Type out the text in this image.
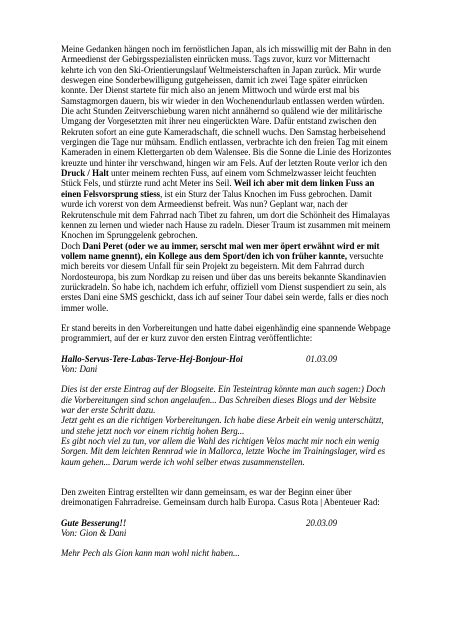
Meine Gedanken hängen noch im fernöstlichen Japan, als ich misswillig mit der Bahn in den Armeedienst der Gebirgsspezialisten einrücken muss. Tags zuvor, kurz vor Mitternacht kehrte ich von den Ski-Orientierungslauf Weltmeisterschaften in Japan zurück. Mir wurde deswegen eine Sonderbewilligung gutgeheissen, damit ich zwei Tage später einrücken konnte. Der Dienst startete für mich also an jenem Mittwoch und würde erst mal bis Samstagmorgen dauern, bis wir wieder in den Wochenendurlaub entlassen werden würden. Die acht Stunden Zeitverschiebung waren nicht annähernd so quälend wie der militärische Umgang der Vorgesetzten mit ihrer neu eingerückten Ware. Dafür entstand zwischen den Rekruten sofort an eine gute Kameradschaft, die schnell wuchs. Den Samstag herbeisehend vergingen die Tage nur mühsam. Endlich entlassen, verbrachte ich den freien Tag mit einem Kameraden in einem Klettergarten ob dem Walensee. Bis die Sonne die Linie des Horizontes kreuzte und hinter ihr verschwand, hingen wir am Fels. Auf der letzten Route verlor ich den Druck / Halt unter meinem rechten Fuss, auf einem vom Schmelzwasser leicht feuchten Stück Fels, und stürzte rund acht Meter ins Seil. Weil ich aber mit dem linken Fuss an einen Felsvorsprung stiess, ist ein Sturz der Talus Knochen im Fuss gebrochen. Damit wurde ich vorerst von dem Armeedienst befreit. Was nun? Geplant war, nach der Rekrutenschule mit dem Fahrrad nach Tibet zu fahren, um dort die Schönheit des Himalayas kennen zu lernen und wieder nach Hause zu radeln. Dieser Traum ist zusammen mit meinem Knochen im Sprunggelenk gebrochen.

Doch Dani Peret (oder we au immer, serscht mal wen mer öpert erwähnt wird er mit vollem name gnennt), ein Kollege aus dem Sport/den ich von früher kannte, versuchte mich bereits vor diesem Unfall für sein Projekt zu begeistern. Mit dem Fahrrad durch Nordosteuropa, bis zum Nordkap zu reisen und über das uns bereits bekannte Skandinavien zurückradeln. So habe ich, nachdem ich erfuhr, offiziell vom Dienst suspendiert zu sein, als erstes Dani eine SMS geschickt, dass ich auf seiner Tour dabei sein werde, falls er dies noch immer wolle.

Er stand bereits in den Vorbereitungen und hatte dabei eigenhändig eine spannende Webpage programmiert, auf der er kurz zuvor den ersten Eintrag veröffentlichte:

Hallo-Servus-Tere-Labas-Terve-Hej-Bonjour-Hoi	01.03.09

Von: Dani

Dies ist der erste Eintrag auf der Blogseite. Ein Testeintrag könnte man auch sagen:) Doch die Vorbereitungen sind schon angelaufen... Das Schreiben dieses Blogs und der Website war der erste Schritt dazu.

Jetzt geht es an die richtigen Vorbereitungen. Ich habe diese Arbeit ein wenig unterschätzt, und stehe jetzt noch vor einem richtig hohen Berg...

Es gibt noch viel zu tun, vor allem die Wahl des richtigen Velos macht mir noch ein wenig Sorgen. Mit dem leichten Rennrad wie in Mallorca, letzte Woche im Trainingslager, wird es kaum gehen... Darum werde ich wohl selber etwas zusammenstellen.

Den zweiten Eintrag erstellten wir dann gemeinsam, es war der Beginn einer über dreimonatigen Fahrradreise. Gemeinsam durch halb Europa. Casus Rota | Abenteuer Rad:

Gute Besserung!!	20.03.09

Von: Gion & Dani

Mehr Pech als Gion kann man wohl nicht haben...
